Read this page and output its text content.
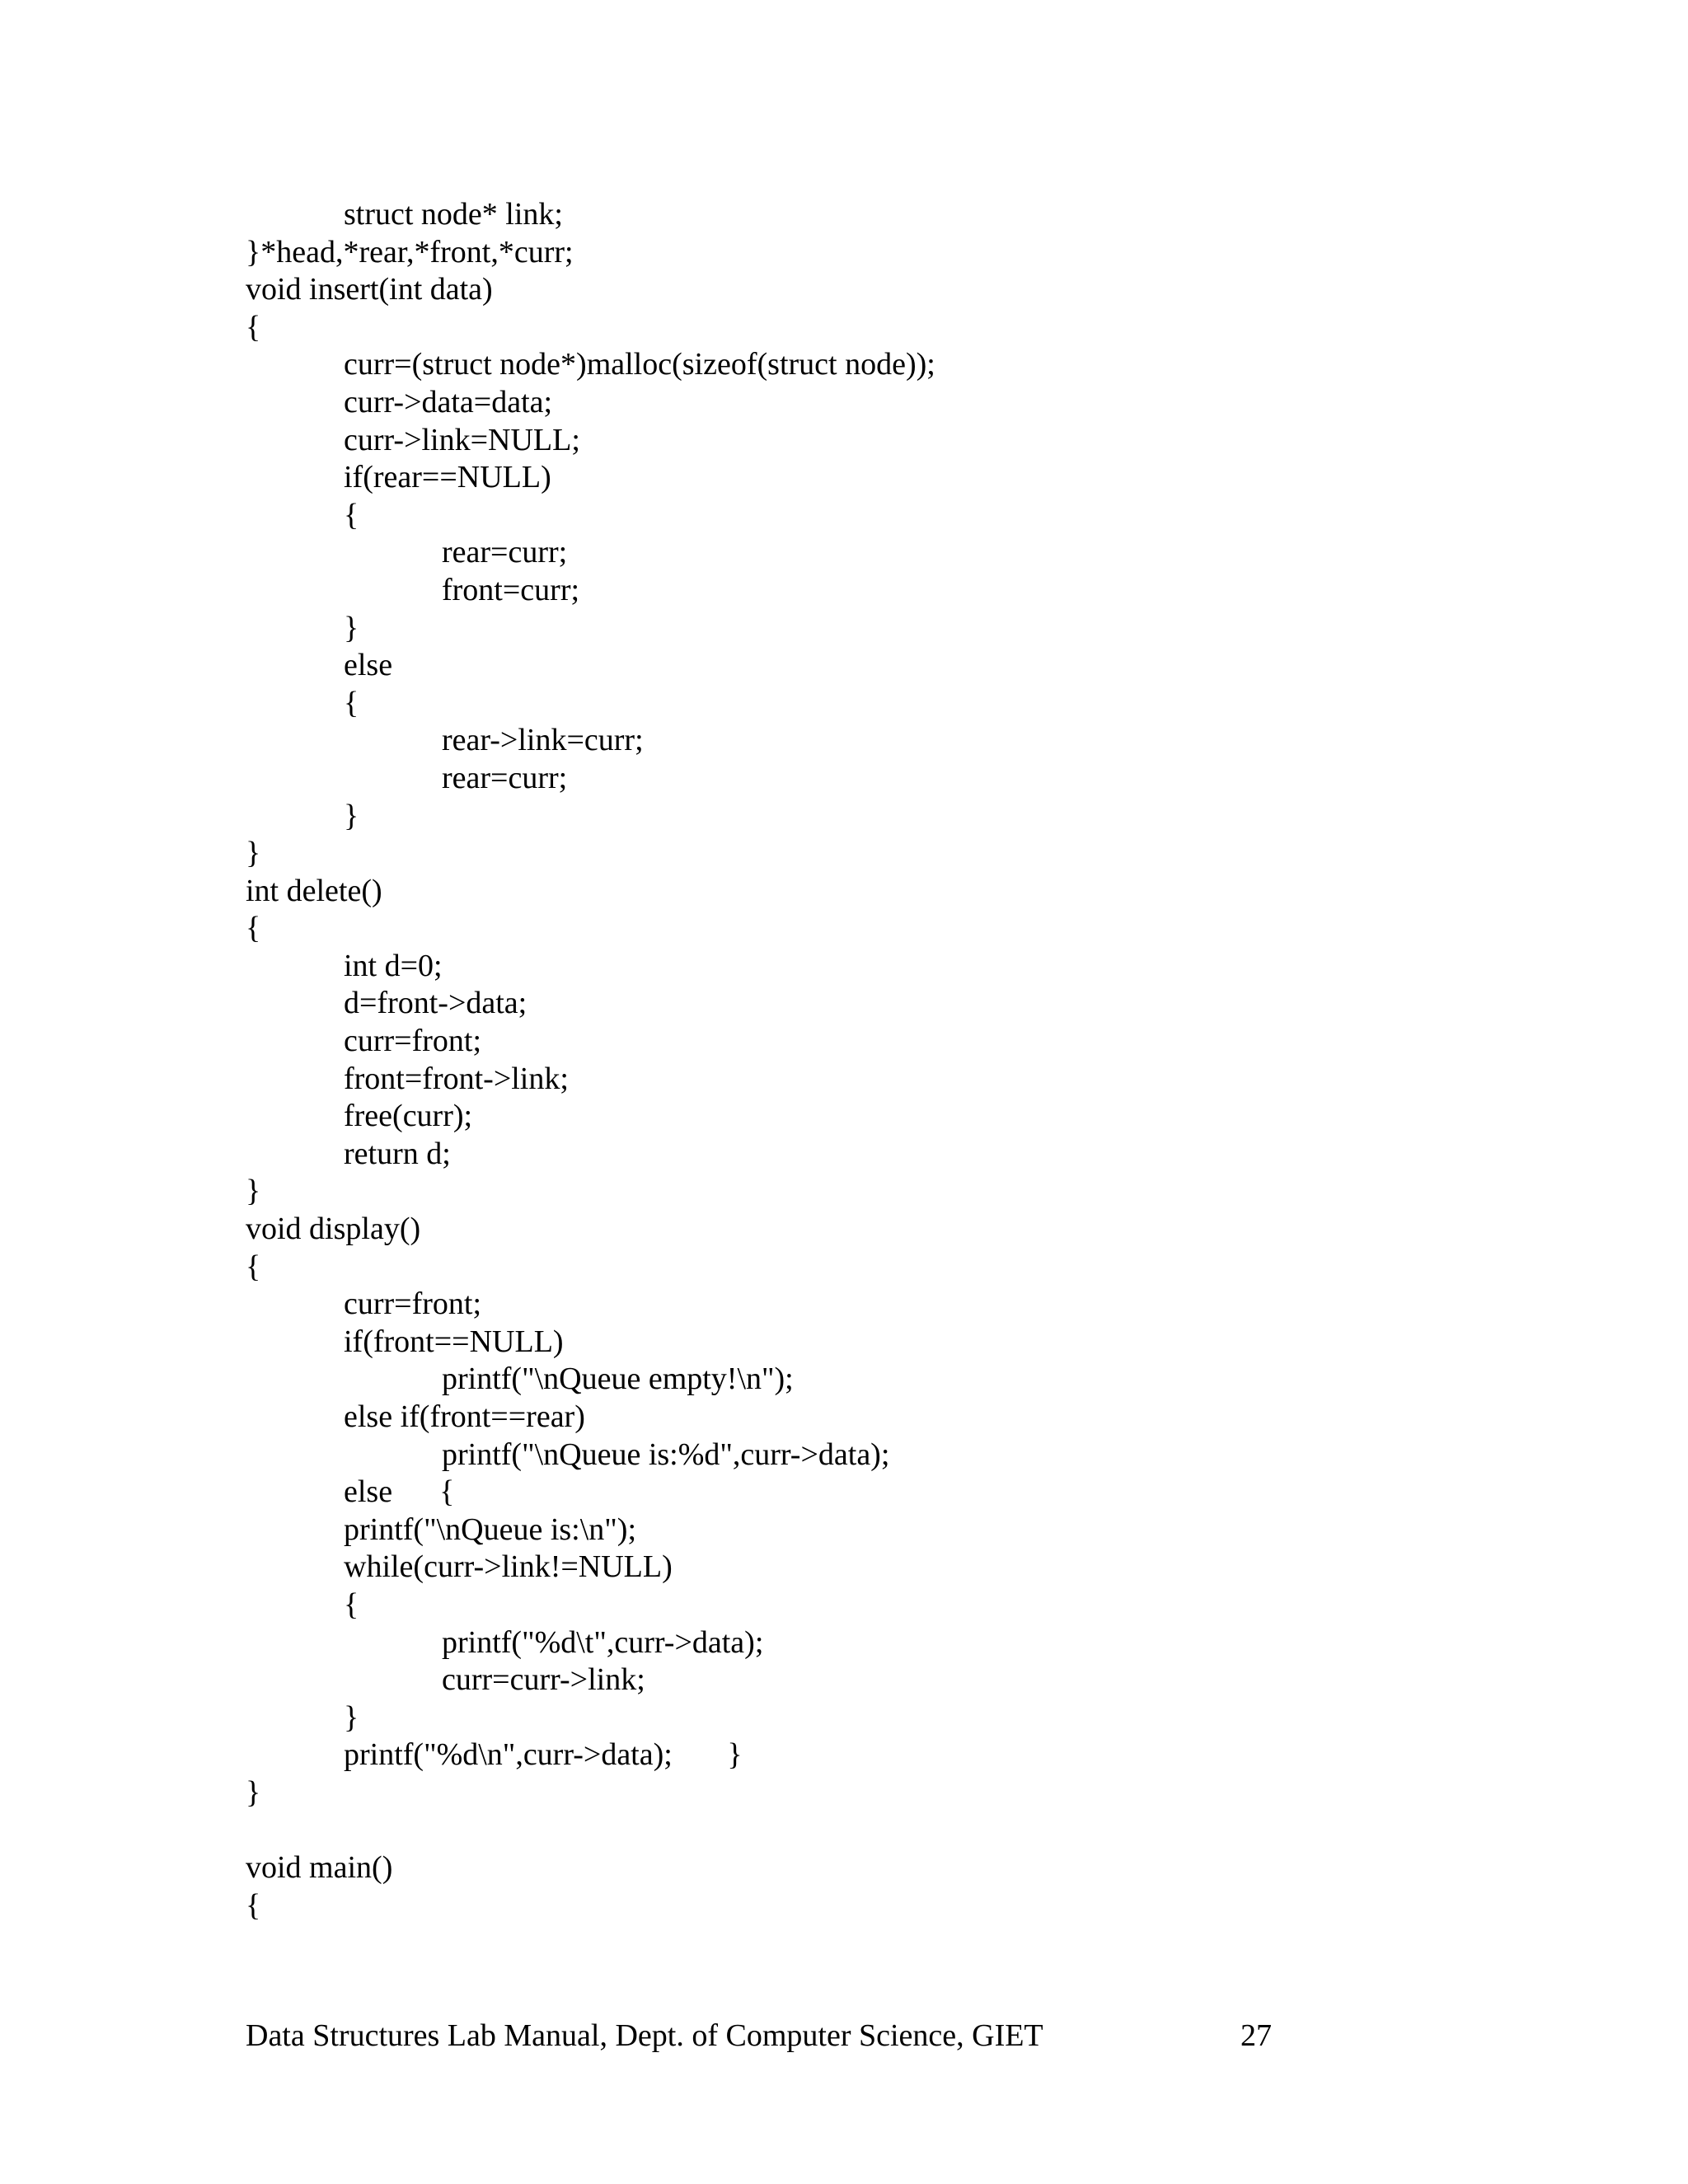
struct node* link;
}*head,*rear,*front,*curr;
void insert(int data)
{
curr=(struct node*)malloc(sizeof(struct node));
curr->data=data;
curr->link=NULL;
if(rear==NULL)
{
rear=curr;
front=curr;
}
else
{
rear->link=curr;
rear=curr;
}
}
int delete()
{
int d=0;
d=front->data;
curr=front;
front=front->link;
free(curr);
return d;
}
void display()
{
curr=front;
if(front==NULL)
printf("\nQueue empty!\n");
else if(front==rear)
printf("\nQueue is:%d",curr->data);
else      {
printf("\nQueue is:\n");
while(curr->link!=NULL)
{
printf("%d\t",curr->data);
curr=curr->link;
}
printf("%d\n",curr->data);       }
}
void main()
{
Data Structures Lab Manual, Dept. of Computer Science, GIET	27
